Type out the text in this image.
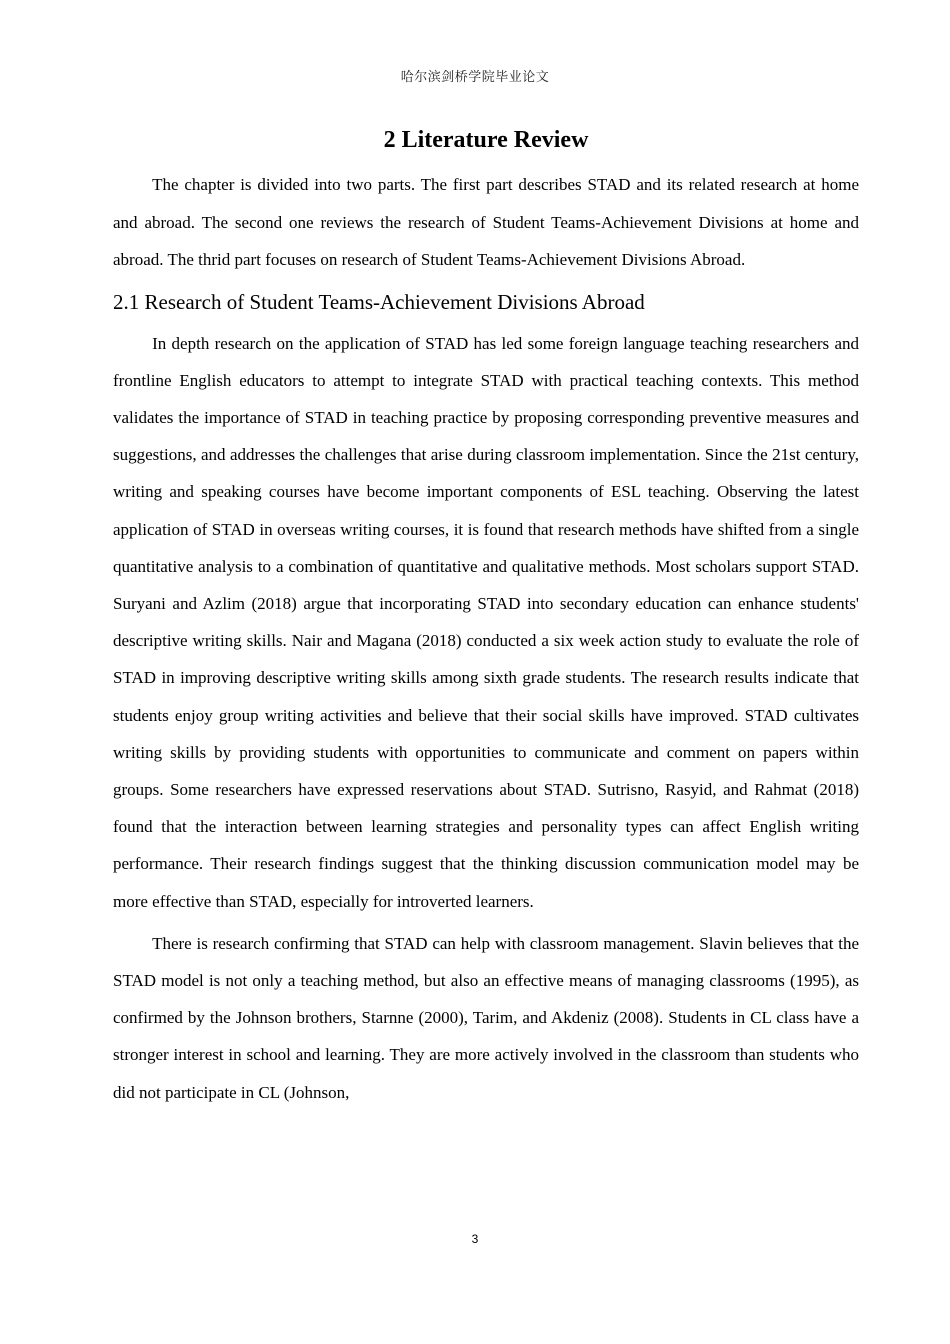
哈尔滨剑桥学院毕业论文
2 Literature Review

The chapter is divided into two parts. The first part describes STAD and its related research at home and abroad. The second one reviews the research of Student Teams-Achievement Divisions at home and abroad. The thrid part focuses on research of Student Teams-Achievement Divisions Abroad.

2.1 Research of Student Teams-Achievement Divisions Abroad

In depth research on the application of STAD has led some foreign language teaching researchers and frontline English educators to attempt to integrate STAD with practical teaching contexts. This method validates the importance of STAD in teaching practice by proposing corresponding preventive measures and suggestions, and addresses the challenges that arise during classroom implementation. Since the 21st century, writing and speaking courses have become important components of ESL teaching. Observing the latest application of STAD in overseas writing courses, it is found that research methods have shifted from a single quantitative analysis to a combination of quantitative and qualitative methods. Most scholars support STAD. Suryani and Azlim (2018) argue that incorporating STAD into secondary education can enhance students' descriptive writing skills. Nair and Magana (2018) conducted a six week action study to evaluate the role of STAD in improving descriptive writing skills among sixth grade students. The research results indicate that students enjoy group writing activities and believe that their social skills have improved. STAD cultivates writing skills by providing students with opportunities to communicate and comment on papers within groups. Some researchers have expressed reservations about STAD. Sutrisno, Rasyid, and Rahmat (2018) found that the interaction between learning strategies and personality types can affect English writing performance. Their research findings suggest that the thinking discussion communication model may be more effective than STAD, especially for introverted learners.

There is research confirming that STAD can help with classroom management. Slavin believes that the STAD model is not only a teaching method, but also an effective means of managing classrooms (1995), as confirmed by the Johnson brothers, Starnne (2000), Tarim, and Akdeniz (2008). Students in CL class have a stronger interest in school and learning. They are more actively involved in the classroom than students who did not participate in CL (Johnson,

3
